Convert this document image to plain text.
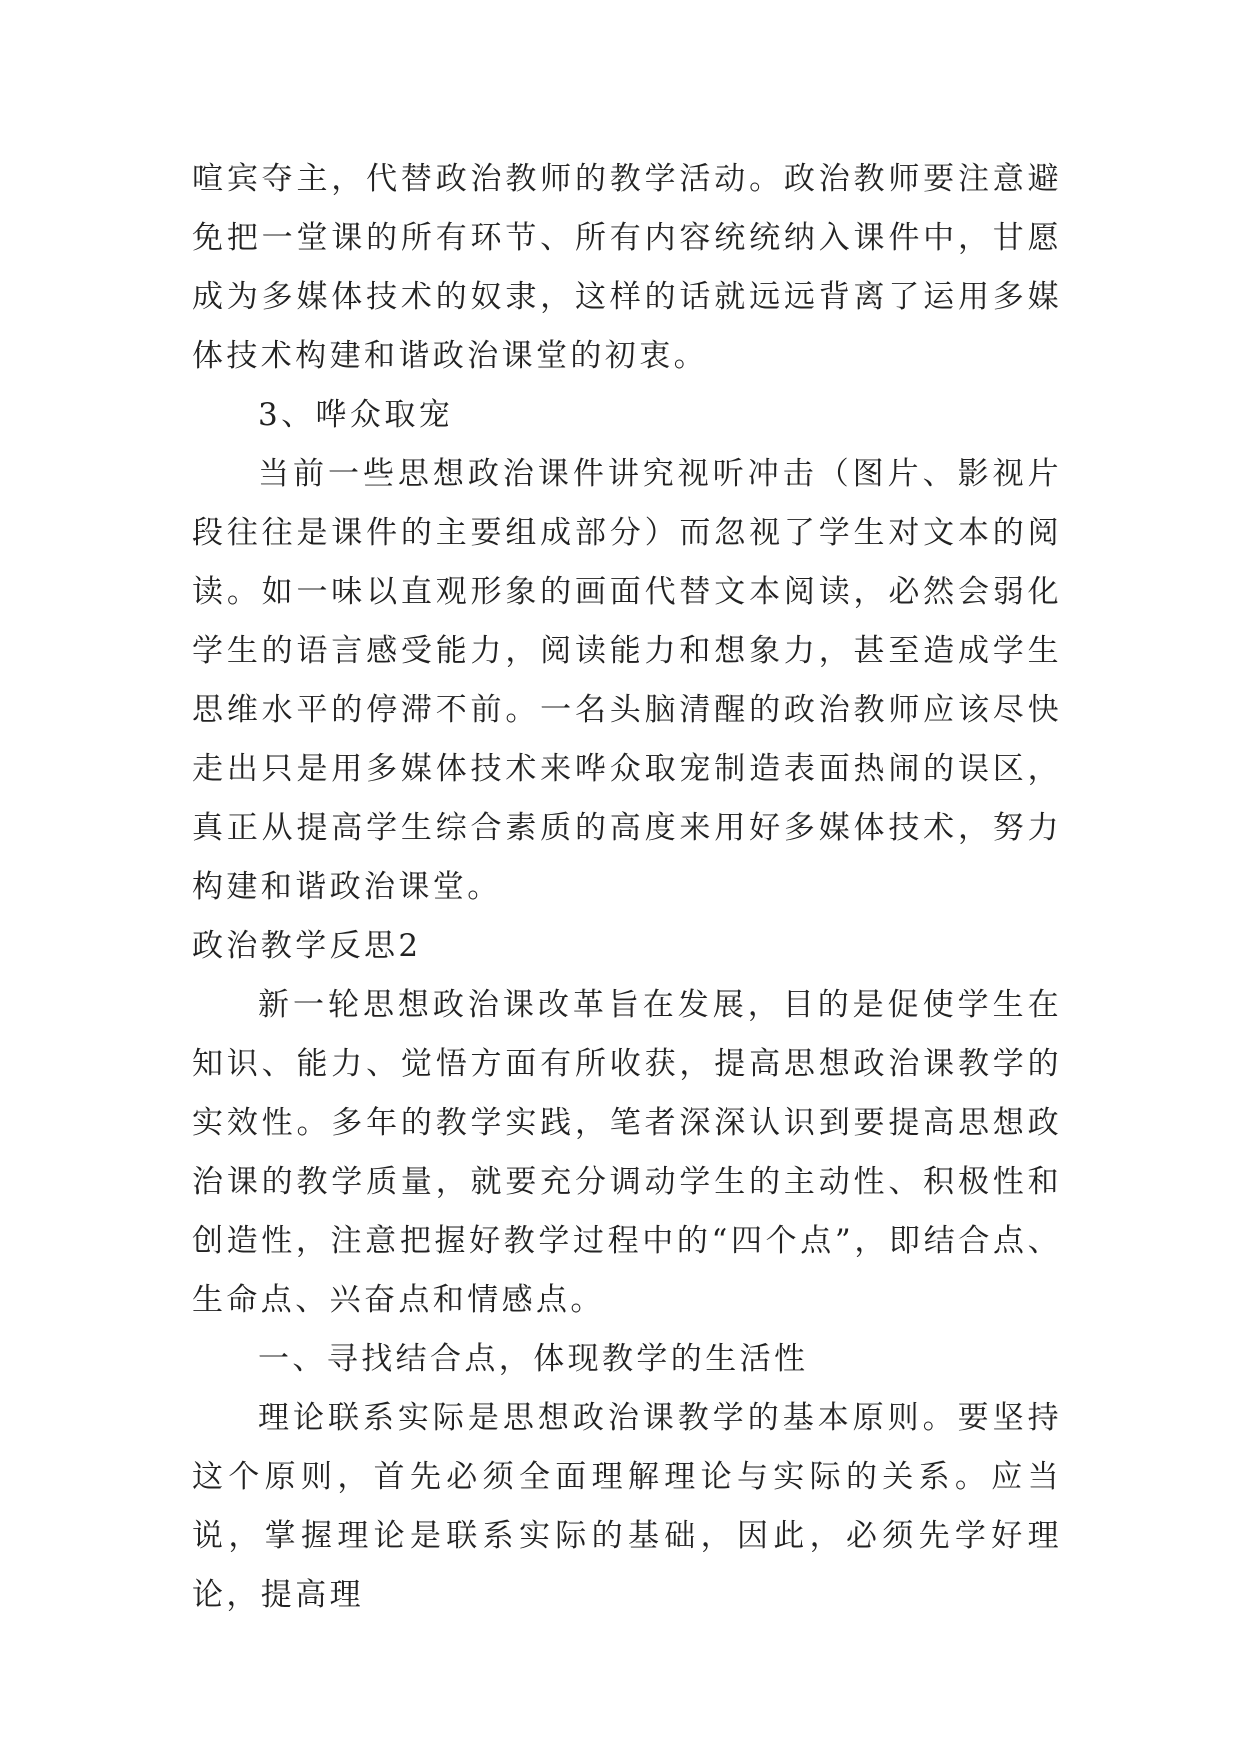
喧宾夺主，代替政治教师的教学活动。政治教师要注意避免把一堂课的所有环节、所有内容统统纳入课件中，甘愿成为多媒体技术的奴隶，这样的话就远远背离了运用多媒体技术构建和谐政治课堂的初衷。

3、哗众取宠

当前一些思想政治课件讲究视听冲击（图片、影视片段往往是课件的主要组成部分）而忽视了学生对文本的阅读。如一味以直观形象的画面代替文本阅读，必然会弱化学生的语言感受能力，阅读能力和想象力，甚至造成学生思维水平的停滞不前。一名头脑清醒的政治教师应该尽快走出只是用多媒体技术来哗众取宠制造表面热闹的误区，真正从提高学生综合素质的高度来用好多媒体技术，努力构建和谐政治课堂。

政治教学反思2

新一轮思想政治课改革旨在发展，目的是促使学生在知识、能力、觉悟方面有所收获，提高思想政治课教学的实效性。多年的教学实践，笔者深深认识到要提高思想政治课的教学质量，就要充分调动学生的主动性、积极性和创造性，注意把握好教学过程中的“四个点”，即结合点、生命点、兴奋点和情感点。

一、寻找结合点，体现教学的生活性

理论联系实际是思想政治课教学的基本原则。要坚持这个原则，首先必须全面理解理论与实际的关系。应当说，掌握理论是联系实际的基础，因此，必须先学好理论，提高理
